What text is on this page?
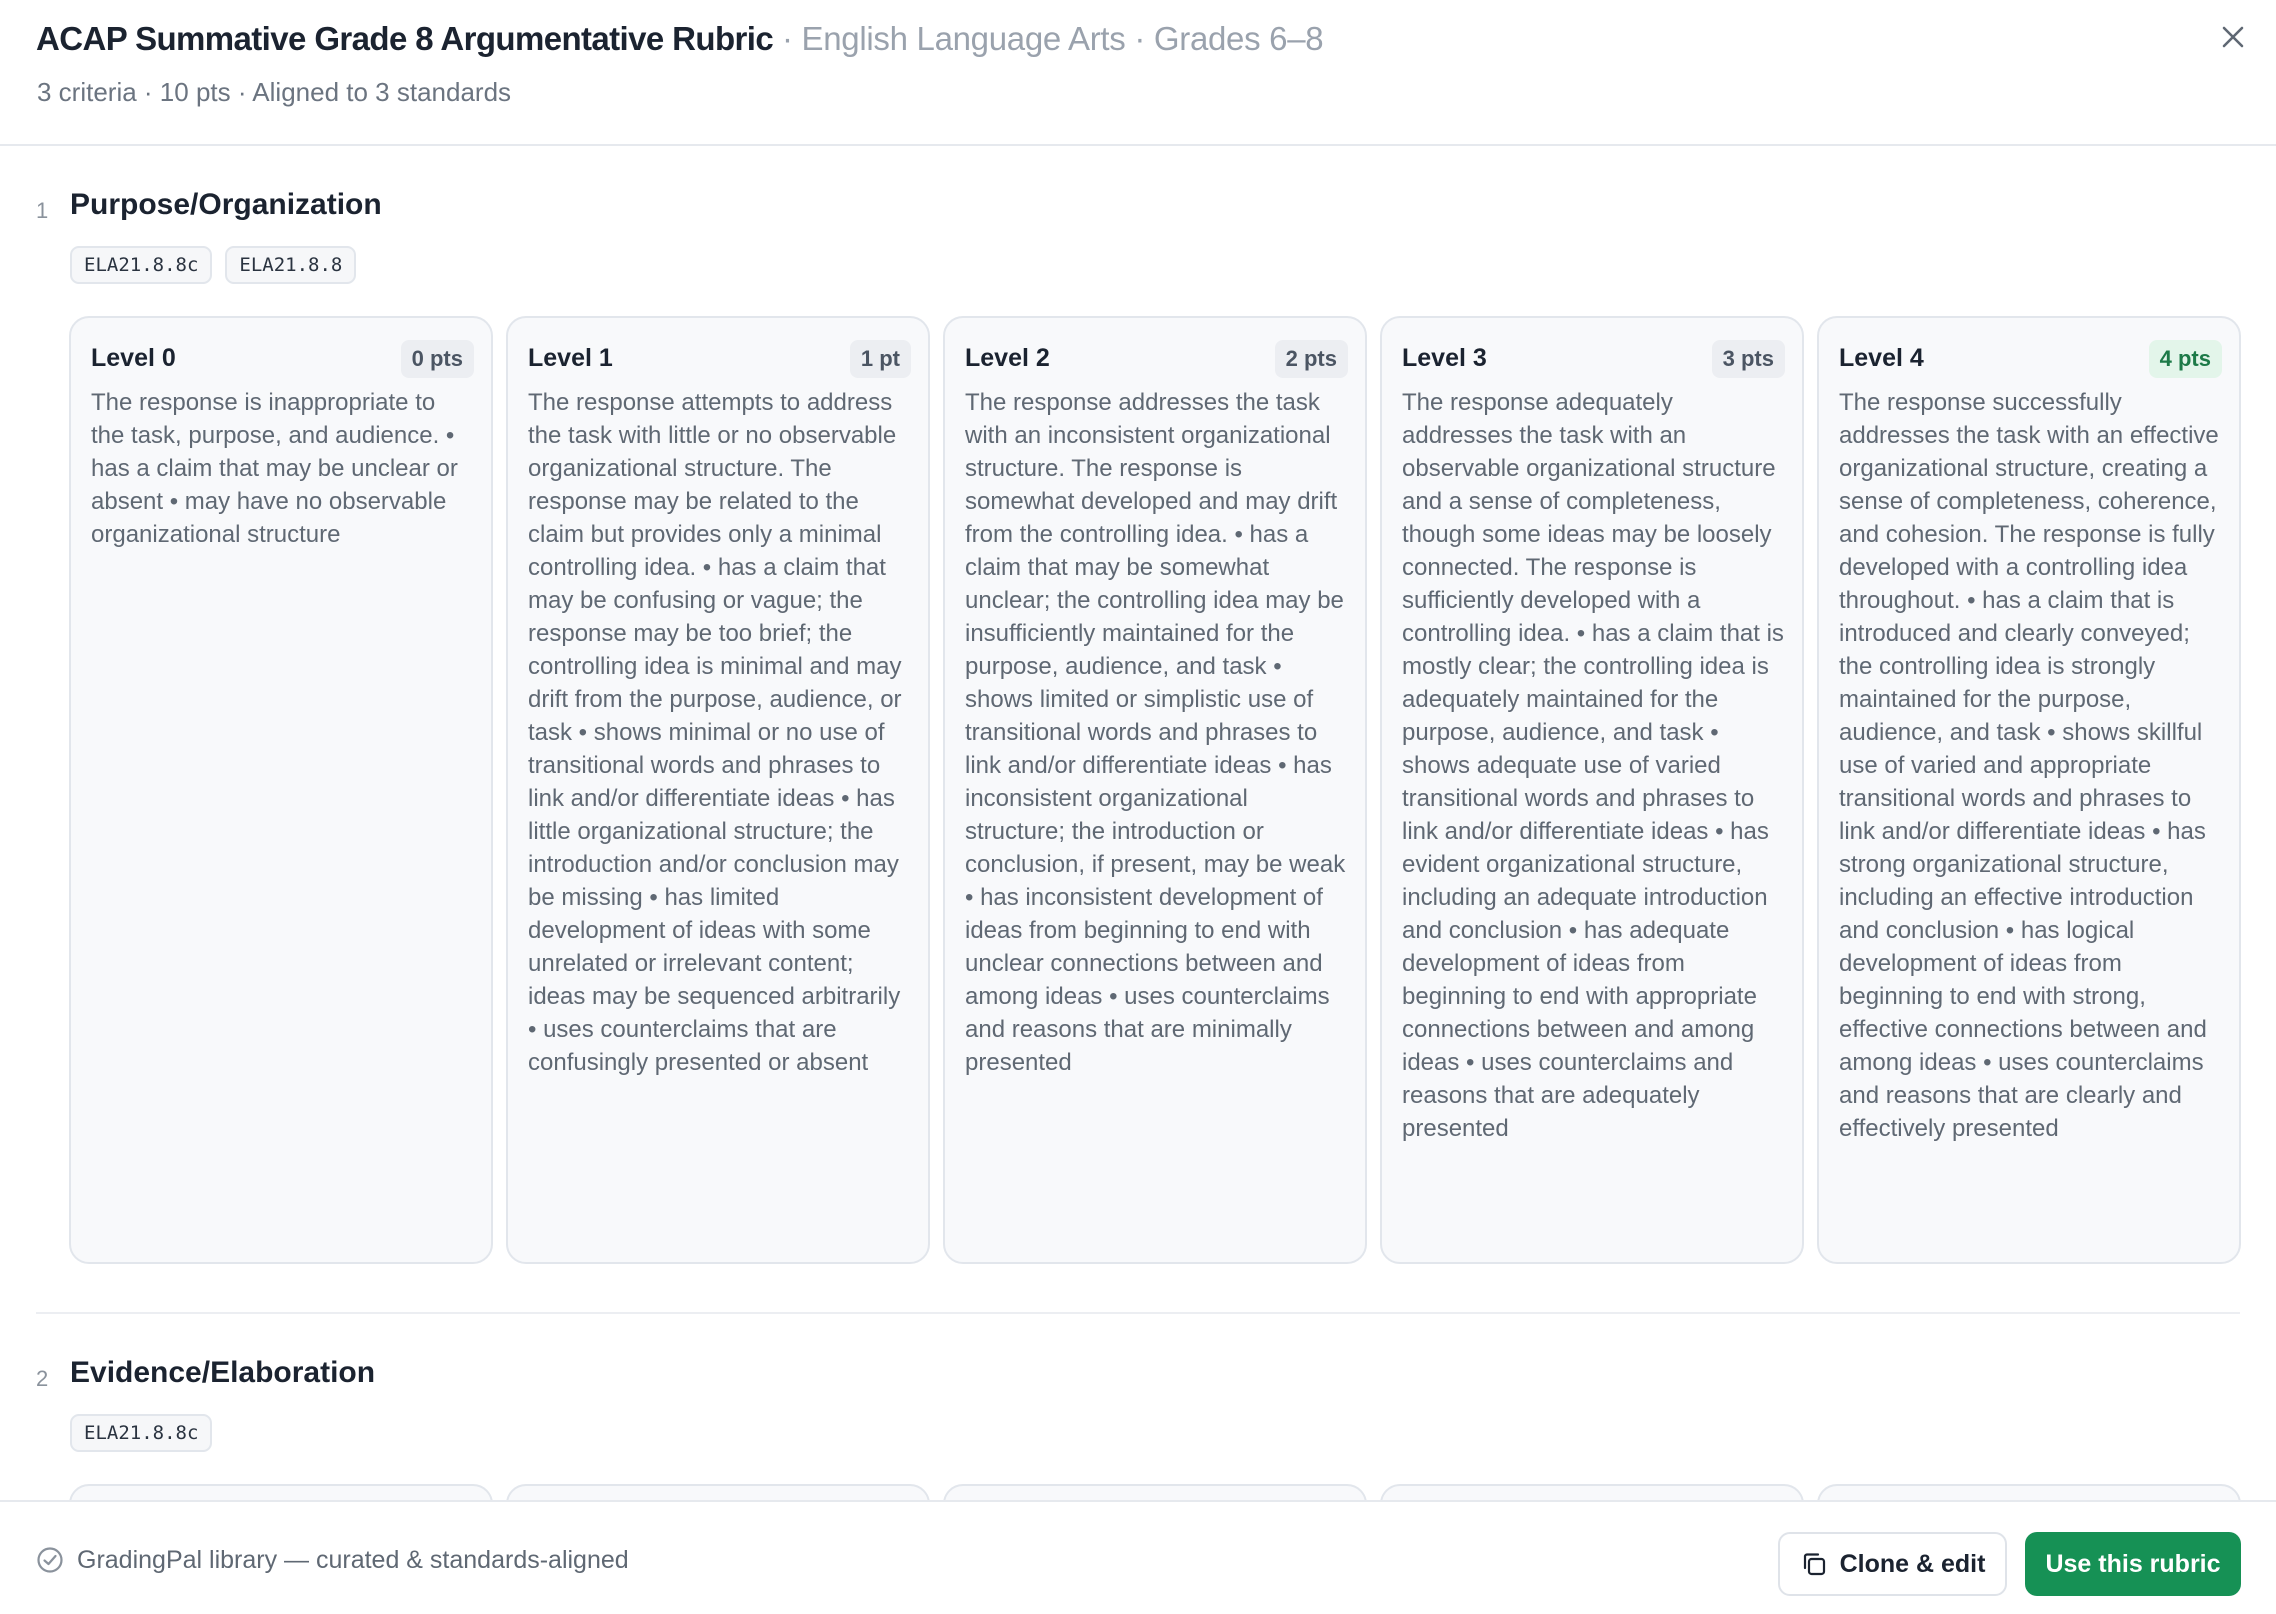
ACAP Summative Grade 8 Argumentative Rubric · English Language Arts · Grades 6–8
3 criteria · 10 pts · Aligned to 3 standards
1 Purpose/Organization
ELA21.8.8c	ELA21.8.8
Level 0	0 pts
The response is inappropriate to the task, purpose, and audience. • has a claim that may be unclear or absent • may have no observable organizational structure
Level 1	1 pt
The response attempts to address the task with little or no observable organizational structure. The response may be related to the claim but provides only a minimal controlling idea. • has a claim that may be confusing or vague; the response may be too brief; the controlling idea is minimal and may drift from the purpose, audience, or task • shows minimal or no use of transitional words and phrases to link and/or differentiate ideas • has little organizational structure; the introduction and/or conclusion may be missing • has limited development of ideas with some unrelated or irrelevant content; ideas may be sequenced arbitrarily • uses counterclaims that are confusingly presented or absent
Level 2	2 pts
The response addresses the task with an inconsistent organizational structure. The response is somewhat developed and may drift from the controlling idea. • has a claim that may be somewhat unclear; the controlling idea may be insufficiently maintained for the purpose, audience, and task • shows limited or simplistic use of transitional words and phrases to link and/or differentiate ideas • has inconsistent organizational structure; the introduction or conclusion, if present, may be weak • has inconsistent development of ideas from beginning to end with unclear connections between and among ideas • uses counterclaims and reasons that are minimally presented
Level 3	3 pts
The response adequately addresses the task with an observable organizational structure and a sense of completeness, though some ideas may be loosely connected. The response is sufficiently developed with a controlling idea. • has a claim that is mostly clear; the controlling idea is adequately maintained for the purpose, audience, and task • shows adequate use of varied transitional words and phrases to link and/or differentiate ideas • has evident organizational structure, including an adequate introduction and conclusion • has adequate development of ideas from beginning to end with appropriate connections between and among ideas • uses counterclaims and reasons that are adequately presented
Level 4	4 pts
The response successfully addresses the task with an effective organizational structure, creating a sense of completeness, coherence, and cohesion. The response is fully developed with a controlling idea throughout. • has a claim that is introduced and clearly conveyed; the controlling idea is strongly maintained for the purpose, audience, and task • shows skillful use of varied and appropriate transitional words and phrases to link and/or differentiate ideas • has strong organizational structure, including an effective introduction and conclusion • has logical development of ideas from beginning to end with strong, effective connections between and among ideas • uses counterclaims and reasons that are clearly and effectively presented
2 Evidence/Elaboration
ELA21.8.8c
GradingPal library — curated & standards-aligned	Clone & edit	Use this rubric
